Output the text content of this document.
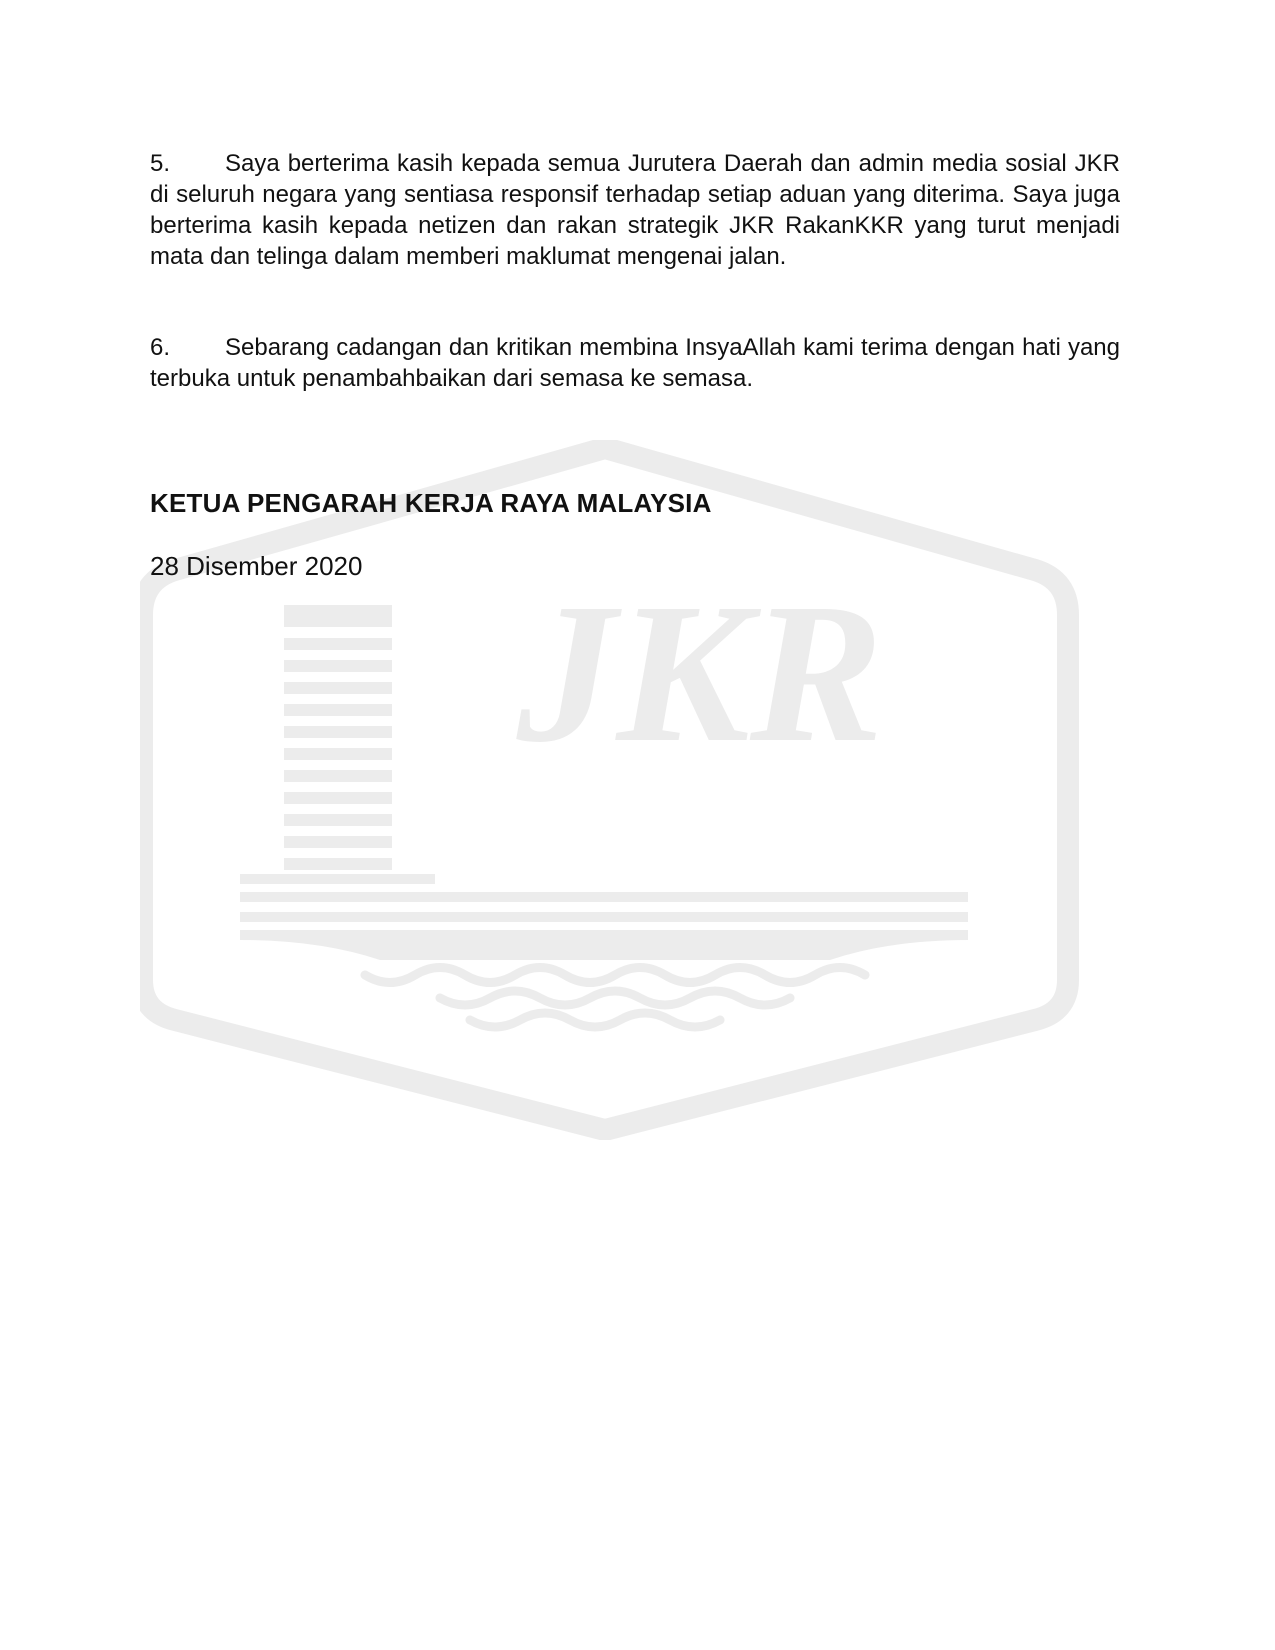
JKR

5. Saya berterima kasih kepada semua Jurutera Daerah dan admin media sosial JKR di seluruh negara yang sentiasa responsif terhadap setiap aduan yang diterima. Saya juga berterima kasih kepada netizen dan rakan strategik JKR RakanKKR yang turut menjadi mata dan telinga dalam memberi maklumat mengenai jalan.

6. Sebarang cadangan dan kritikan membina InsyaAllah kami terima dengan hati yang terbuka untuk penambahbaikan dari semasa ke semasa.

KETUA PENGARAH KERJA RAYA MALAYSIA
28 Disember 2020
